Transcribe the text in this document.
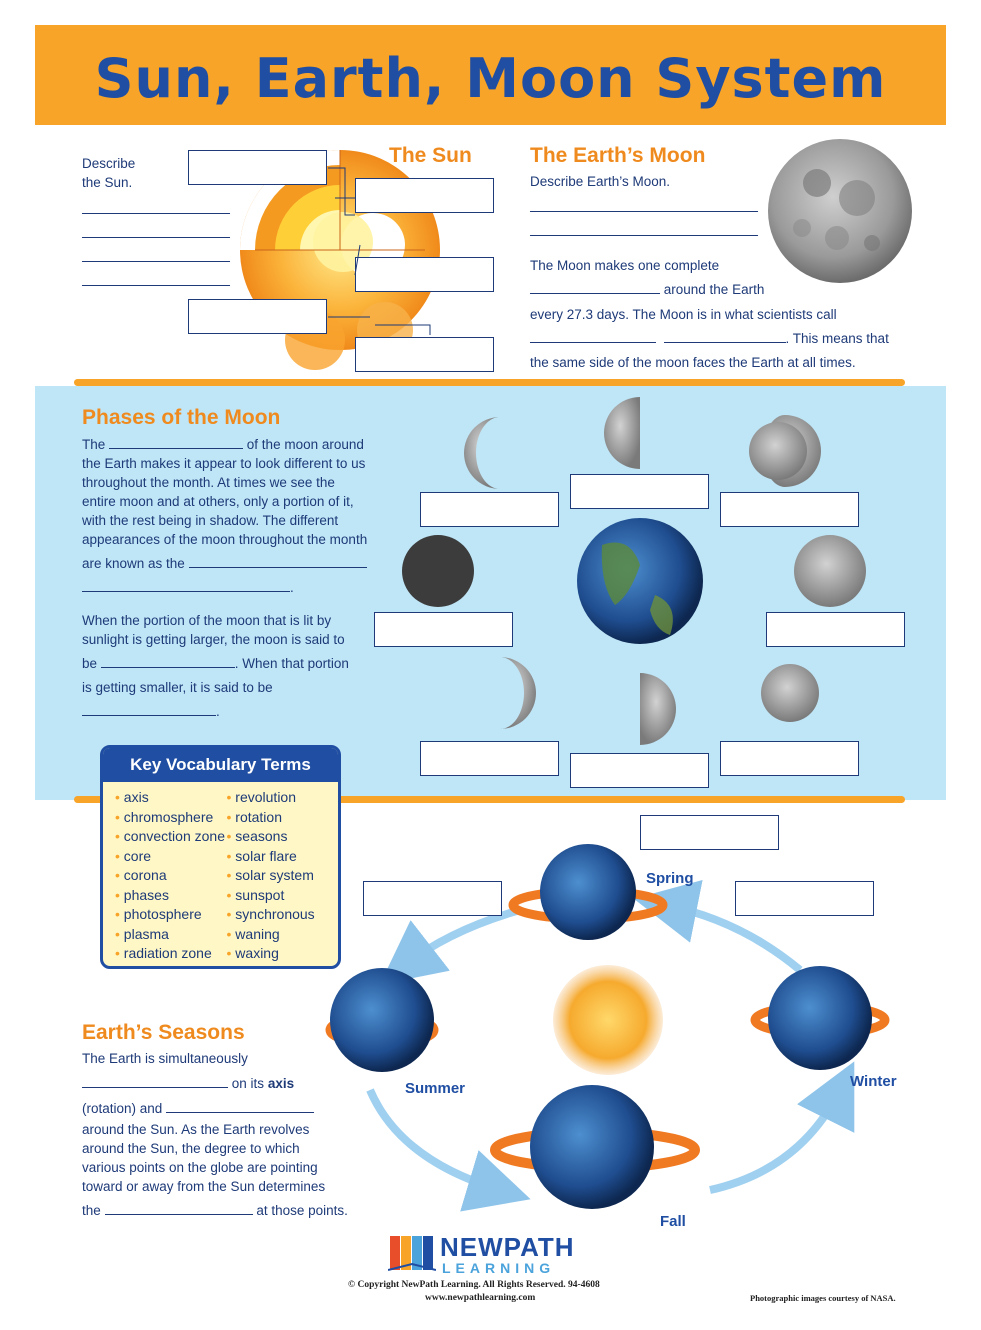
Sun, Earth, Moon System
Describe
the Sun.
The Sun	The Earth’s Moon
Describe Earth’s Moon.
The Moon makes one complete
around the Earth
every 27.3 days. The Moon is in what scientists call
. This means that
the same side of the moon faces the Earth at all times.
Phases of the Moon
The	of the moon around
the Earth makes it appear to look different to us
throughout the month. At times we see the
entire moon and at others, only a portion of it,
with the rest being in shadow. The different
appearances of the moon throughout the month
are known as the
.
When the portion of the moon that is lit by
sunlight is getting larger, the moon is said to
be	. When that portion
is getting smaller, it is said to be
.
Key Vocabulary Terms
• axis
• chromosphere
• convection zone
• core
• corona
• phases
• photosphere
• plasma
• radiation zone
• revolution
• rotation
• seasons
• solar flare
• solar system
• sunspot
• synchronous
• waning
• waxing
Spring
Summer	Winter
Fall
Earth’s Seasons
The Earth is simultaneously
on its axis
(rotation) and
around the Sun. As the Earth revolves
around the Sun, the degree to which
various points on the globe are pointing
toward or away from the Sun determines
the	at those points.
NEWPATH
LEARNING
© Copyright NewPath Learning. All Rights Reserved. 94-4608
www.newpathlearning.com	Photographic images courtesy of NASA.
